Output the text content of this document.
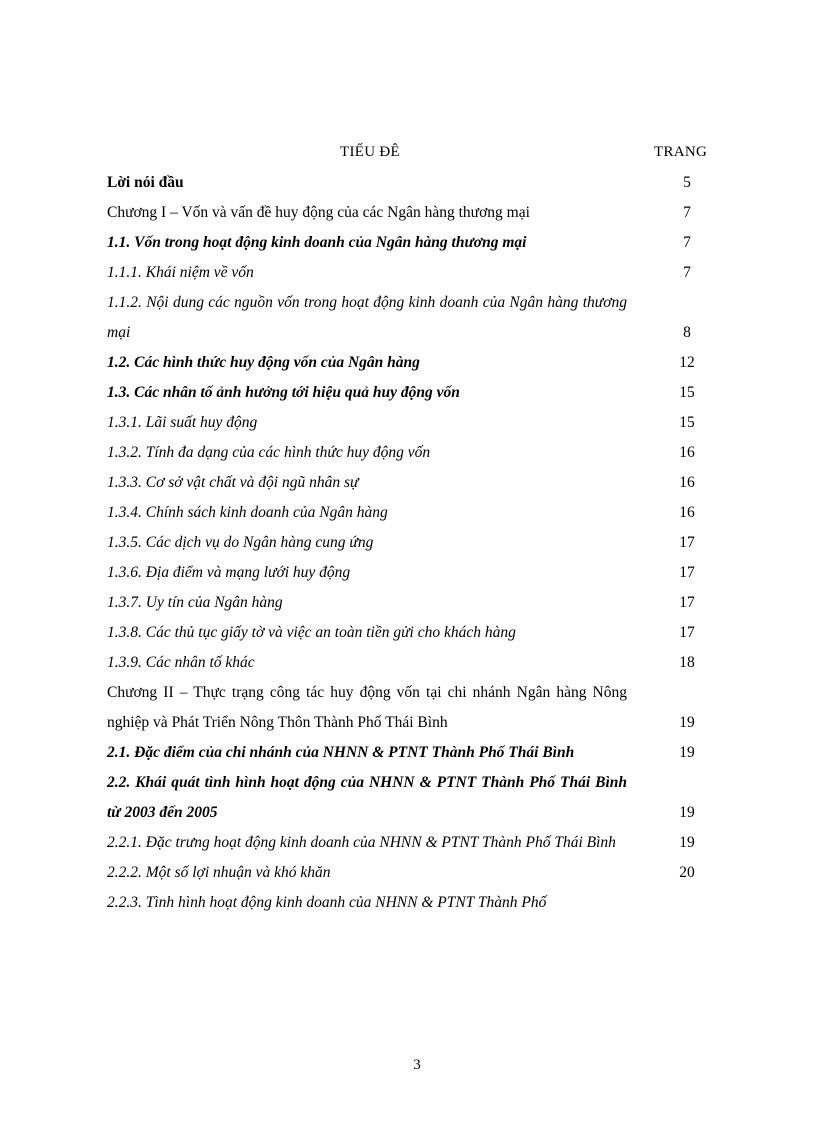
TIẾU ĐÊ	TRANG
Lời nói đầu	5
Chương I – Vốn và vấn đề huy động của các Ngân hàng thương mại	7
1.1. Vốn trong hoạt động kinh doanh của Ngân hàng thương mại	7
1.1.1. Khái niệm về vốn	7
1.1.2. Nội dung các nguồn vốn trong hoạt động kinh doanh của Ngân hàng thương mại	8
1.2. Các hình thức huy động vốn của Ngân hàng	12
1.3. Các nhân tố ảnh hưởng tới hiệu quả huy động vốn	15
1.3.1. Lãi suất huy động	15
1.3.2. Tính đa dạng của các hình thức huy động vốn	16
1.3.3. Cơ sở vật chất và đội ngũ nhân sự	16
1.3.4. Chính sách kinh doanh của Ngân hàng	16
1.3.5. Các dịch vụ do Ngân hàng cung ứng	17
1.3.6. Địa điểm và mạng lưới huy động	17
1.3.7. Uy tín của Ngân hàng	17
1.3.8. Các thủ tục giấy tờ và việc an toàn tiền gửi cho khách hàng	17
1.3.9. Các nhân tố khác	18
Chương II – Thực trạng công tác huy động vốn tại chi nhánh Ngân hàng Nông nghiệp và Phát Triển Nông Thôn Thành Phố Thái Bình	19
2.1. Đặc điểm của chi nhánh của NHNN & PTNT Thành Phố Thái Bình	19
2.2. Khái quát tình hình hoạt động của NHNN & PTNT Thành Phố Thái Bình từ 2003 đến 2005	19
2.2.1. Đặc trưng hoạt động kinh doanh của NHNN & PTNT Thành Phố Thái Bình	19
2.2.2. Một số lợi nhuận và khó khăn	20
2.2.3. Tình hình hoạt động kinh doanh của NHNN & PTNT Thành Phố
3
